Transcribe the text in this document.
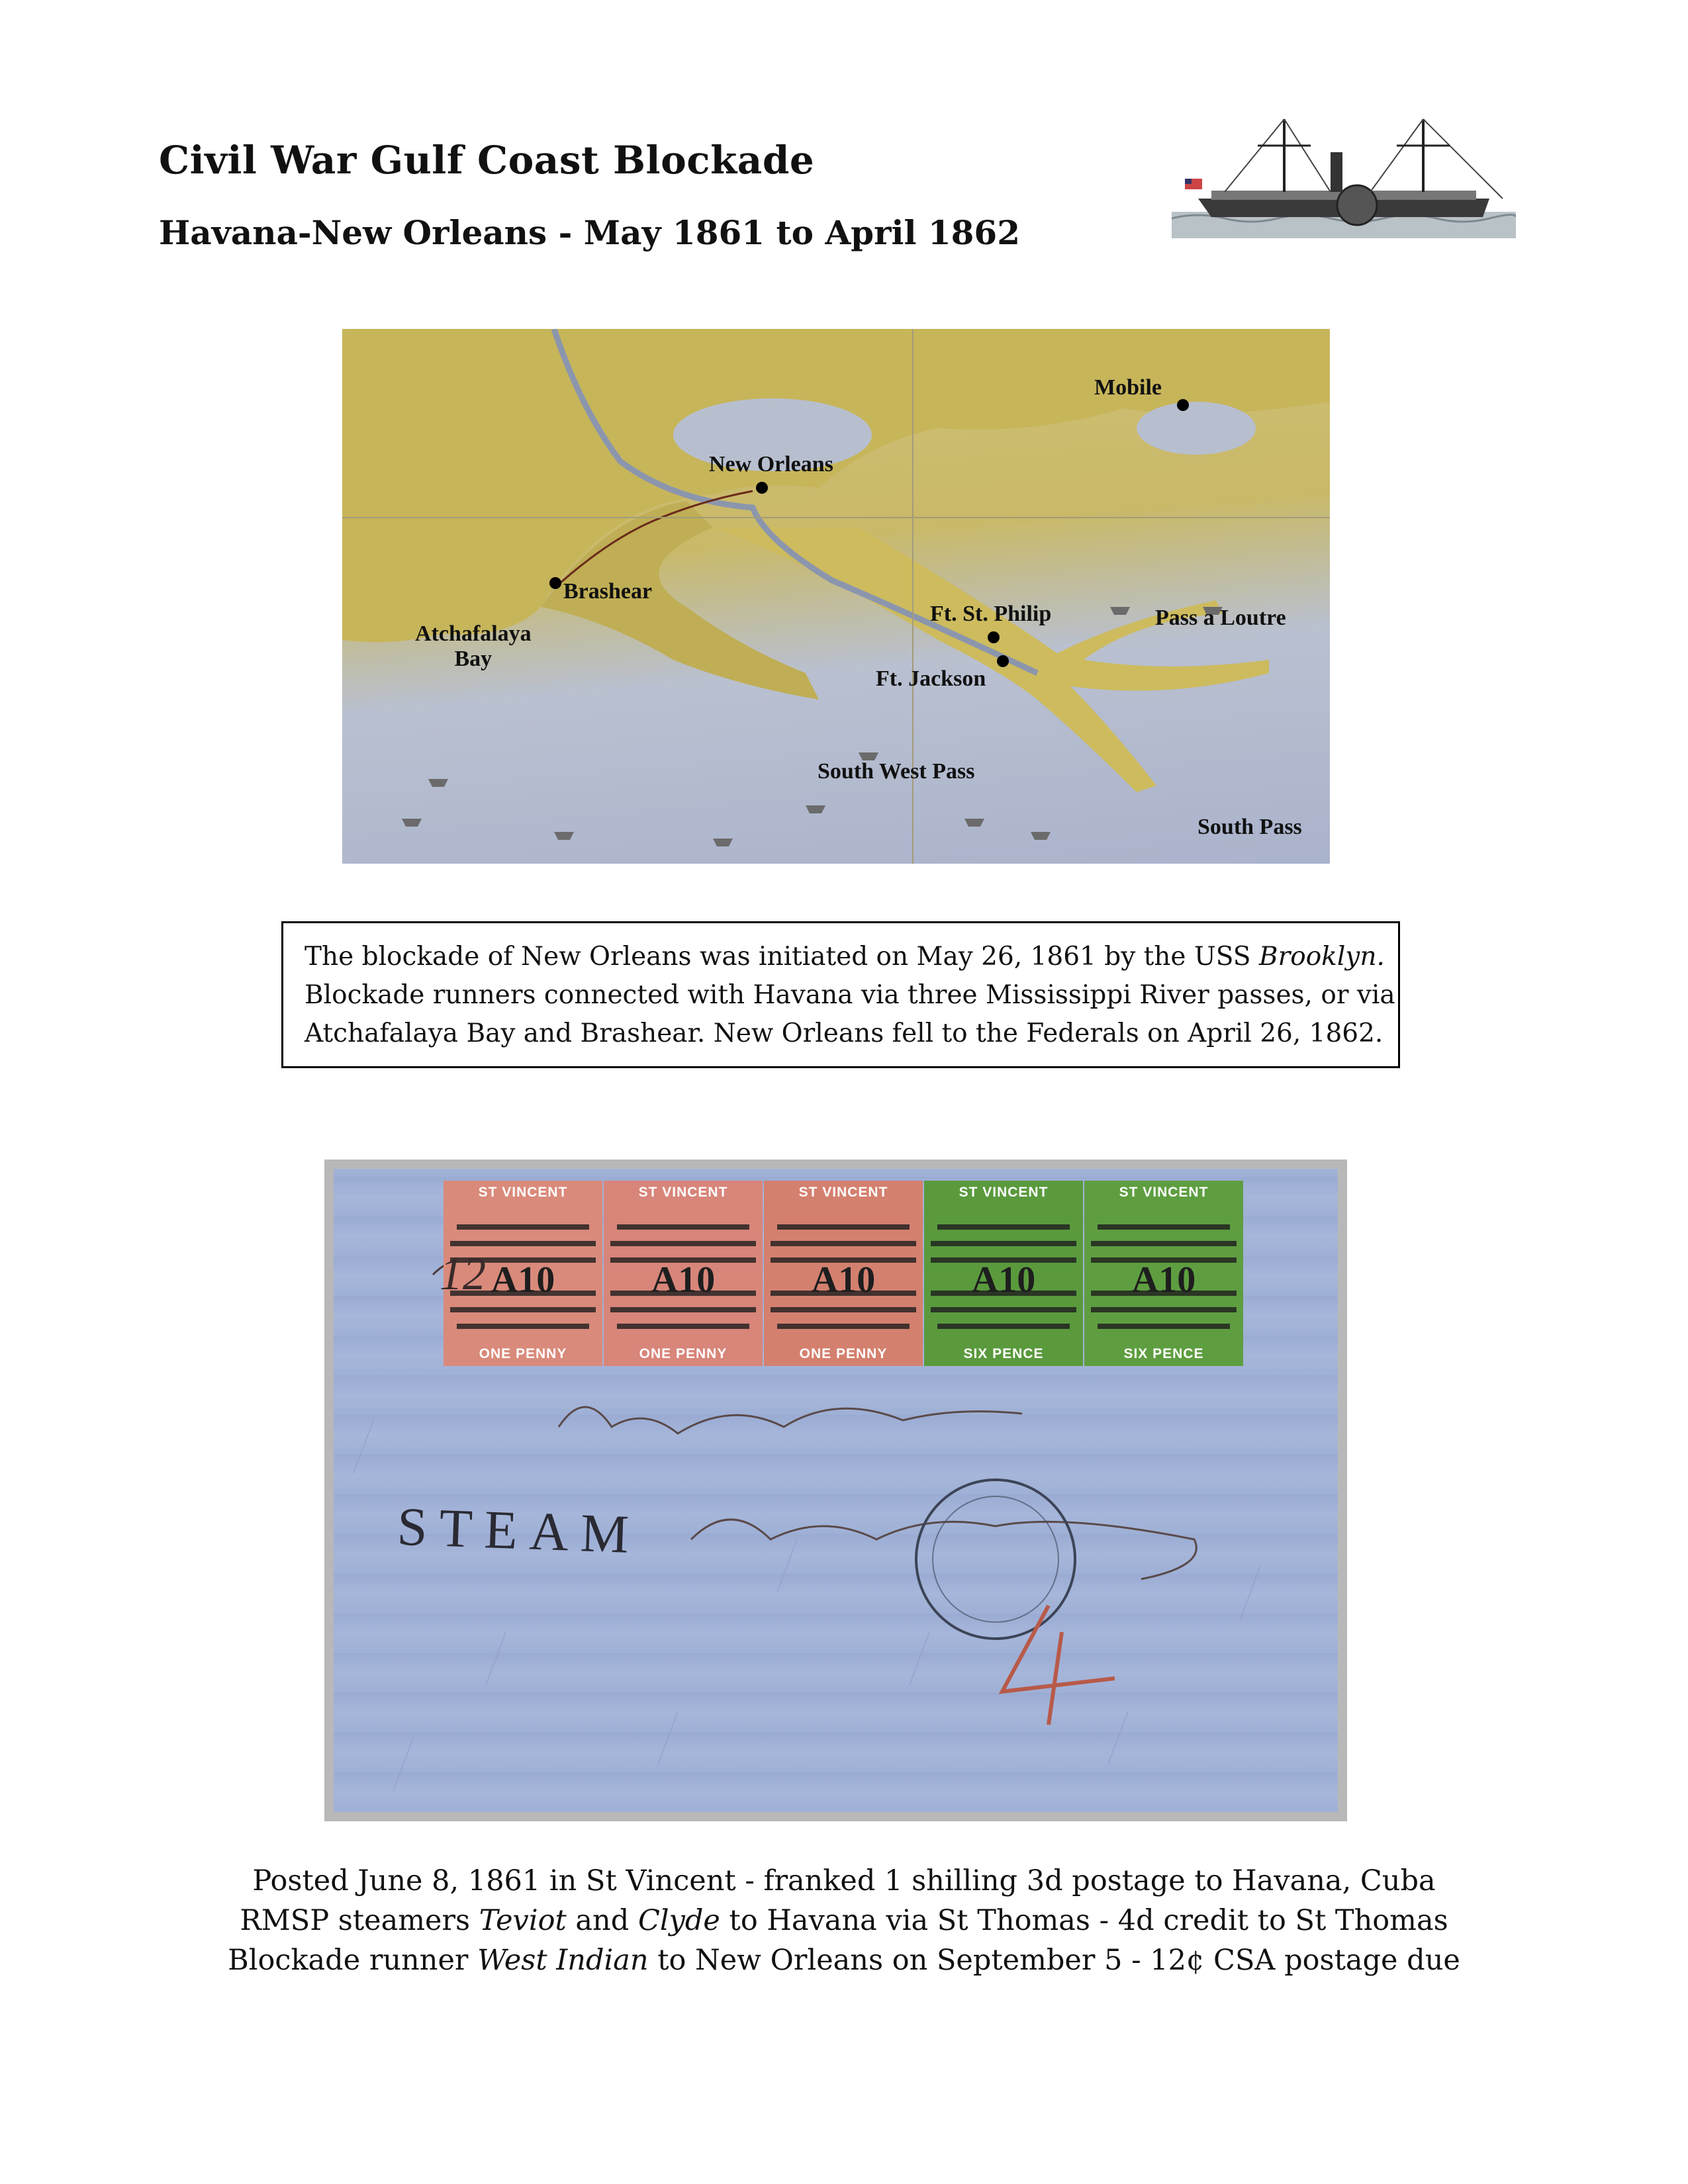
Civil War Gulf Coast Blockade
Havana-New Orleans - May 1861 to April 1862
Mobile
New Orleans
Brashear
Atchafalaya
Bay
Ft. St. Philip	Pass a Loutre
Ft. Jackson
South West Pass
South Pass
The blockade of New Orleans was initiated on May 26, 1861 by the USS Brooklyn.
Blockade runners connected with Havana via three Mississippi River passes, or via
Atchafalaya Bay and Brashear. New Orleans fell to the Federals on April 26, 1862.
ST VINCENT
A10
ONE PENNY
ST VINCENT
A10
ONE PENNY
ST VINCENT
A10
ONE PENNY
ST VINCENT
A10
SIX PENCE
ST VINCENT
A10
SIX PENCE
12
STEAM
Posted June 8, 1861 in St Vincent - franked 1 shilling 3d postage to Havana, Cuba
RMSP steamers Teviot and Clyde to Havana via St Thomas - 4d credit to St Thomas
Blockade runner West Indian to New Orleans on September 5 - 12¢ CSA postage due
